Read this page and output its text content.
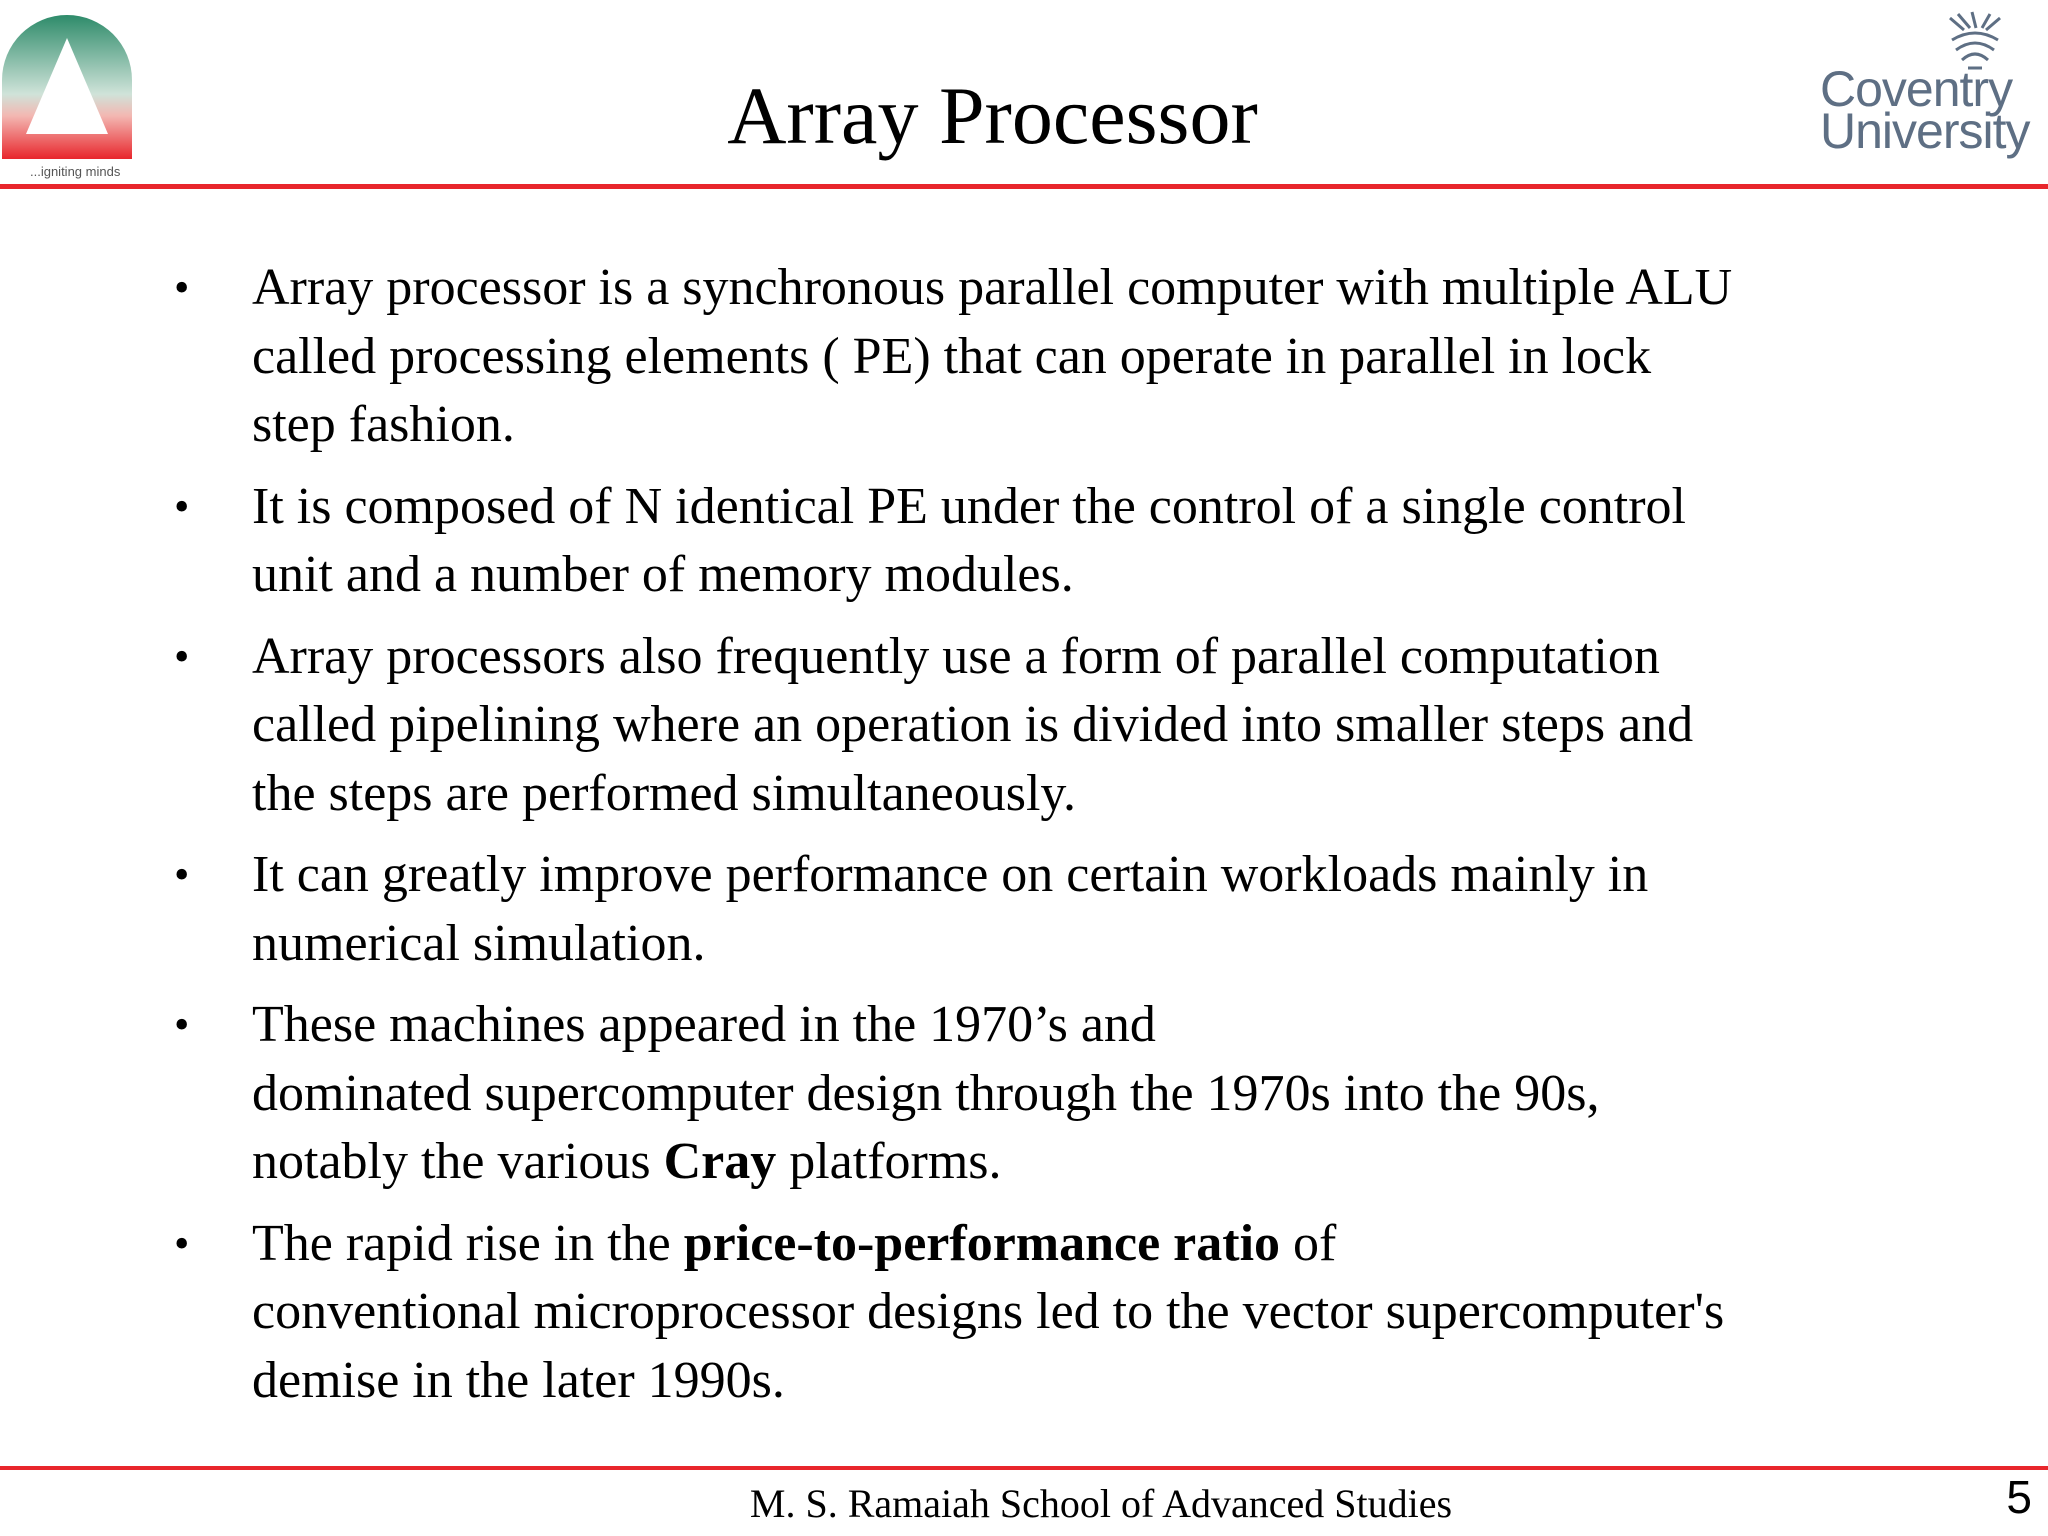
...igniting minds
Coventry
University
Array Processor
• Array processor is a synchronous parallel computer with multiple ALU
called processing elements ( PE) that can operate in parallel in lock
step fashion.
• It is composed of N identical PE under the control of a single control
unit and a number of memory modules.
• Array processors also frequently use a form of parallel computation
called pipelining where an operation is divided into smaller steps and
the steps are performed simultaneously.
• It can greatly improve performance on certain workloads mainly in
numerical simulation.
• These machines appeared in the 1970’s and
dominated supercomputer design through the 1970s into the 90s,
notably the various Cray platforms.
• The rapid rise in the price-to-performance ratio of
conventional microprocessor designs led to the vector supercomputer's
demise in the later 1990s.
M. S. Ramaiah School of Advanced Studies	5
